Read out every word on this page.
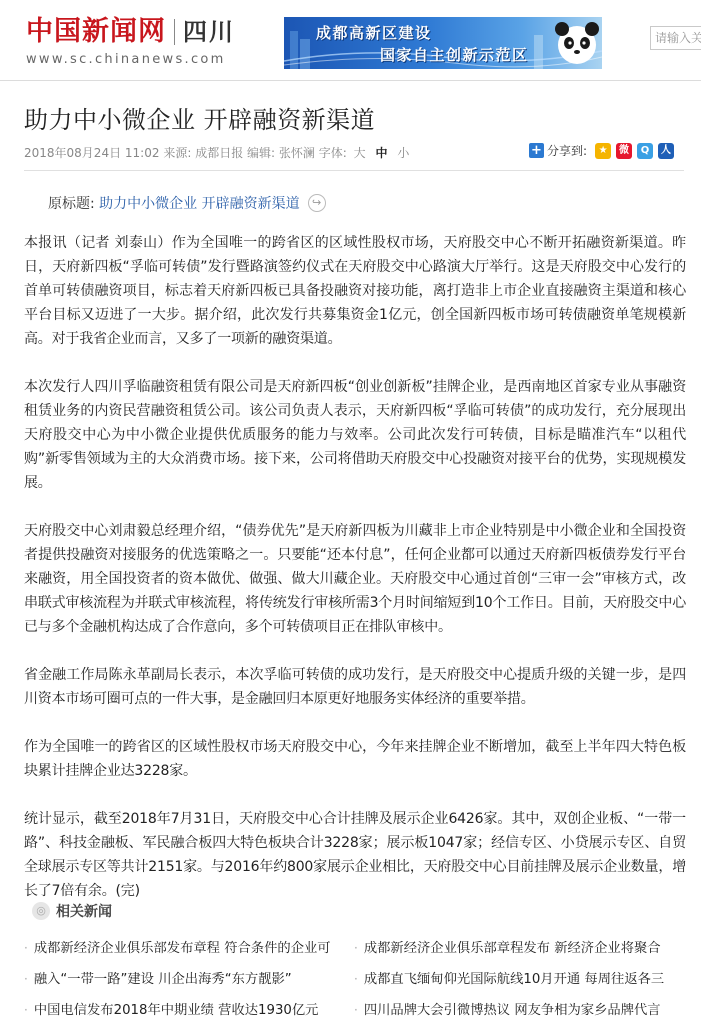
中国新闻网 四川
www.sc.chinanews.com
成都高新区建设
国家自主创新示范区
请输入关
助力中小微企业 开辟融资新渠道
2018年08月24日 11:02
来源:
成都日报
编辑:
张怀澜
字体:
大
中
小	+ 分享到:	★	微	Q	人
原标题:
助力中小微企业 开辟融资新渠道	↪

本报讯（记者 刘泰山）作为全国唯一的跨省区的区域性股权市场，天府股交中心不断开拓融资新渠道。昨日，天府新四板“孚临可转债”发行暨路演签约仪式在天府股交中心路演大厅举行。这是天府股交中心发行的首单可转债融资项目，标志着天府新四板已具备投融资对接功能，离打造非上市企业直接融资主渠道和核心平台目标又迈进了一大步。据介绍，此次发行共募集资金1亿元，创全国新四板市场可转债融资单笔规模新高。对于我省企业而言，又多了一项新的融资渠道。

本次发行人四川孚临融资租赁有限公司是天府新四板“创业创新板”挂牌企业，是西南地区首家专业从事融资租赁业务的内资民营融资租赁公司。该公司负责人表示，天府新四板“孚临可转债”的成功发行，充分展现出天府股交中心为中小微企业提供优质服务的能力与效率。公司此次发行可转债，目标是瞄准汽车“以租代购”新零售领域为主的大众消费市场。接下来，公司将借助天府股交中心投融资对接平台的优势，实现规模发展。

天府股交中心刘肃毅总经理介绍，“债券优先”是天府新四板为川藏非上市企业特别是中小微企业和全国投资者提供投融资对接服务的优选策略之一。只要能“还本付息”，任何企业都可以通过天府新四板债券发行平台来融资，用全国投资者的资本做优、做强、做大川藏企业。天府股交中心通过首创“三审一会”审核方式，改串联式审核流程为并联式审核流程，将传统发行审核所需3个月时间缩短到10个工作日。目前，天府股交中心已与多个金融机构达成了合作意向，多个可转债项目正在排队审核中。

省金融工作局陈永革副局长表示，本次孚临可转债的成功发行，是天府股交中心提质升级的关键一步，是四川资本市场可圈可点的一件大事，是金融回归本原更好地服务实体经济的重要举措。

作为全国唯一的跨省区的区域性股权市场天府股交中心，今年来挂牌企业不断增加，截至上半年四大特色板块累计挂牌企业达3228家。

统计显示，截至2018年7月31日，天府股交中心合计挂牌及展示企业6426家。其中，双创企业板、“一带一路”、科技金融板、军民融合板四大特色板块合计3228家；展示板1047家；经信专区、小贷展示专区、自贸全球展示专区等共计2151家。与2016年约800家展示企业相比，天府股交中心目前挂牌及展示企业数量，增长了7倍有余。(完)

◎ 相关新闻
· 成都新经济企业俱乐部发布章程 符合条件的企业可 · 成都新经济企业俱乐部章程发布 新经济企业将聚合
· 融入“一带一路”建设 川企出海秀“东方靓影”	· 成都直飞缅甸仰光国际航线10月开通 每周往返各三
· 中国电信发布2018年中期业绩 营收达1930亿元	· 四川品牌大会引微博热议 网友争相为家乡品牌代言
